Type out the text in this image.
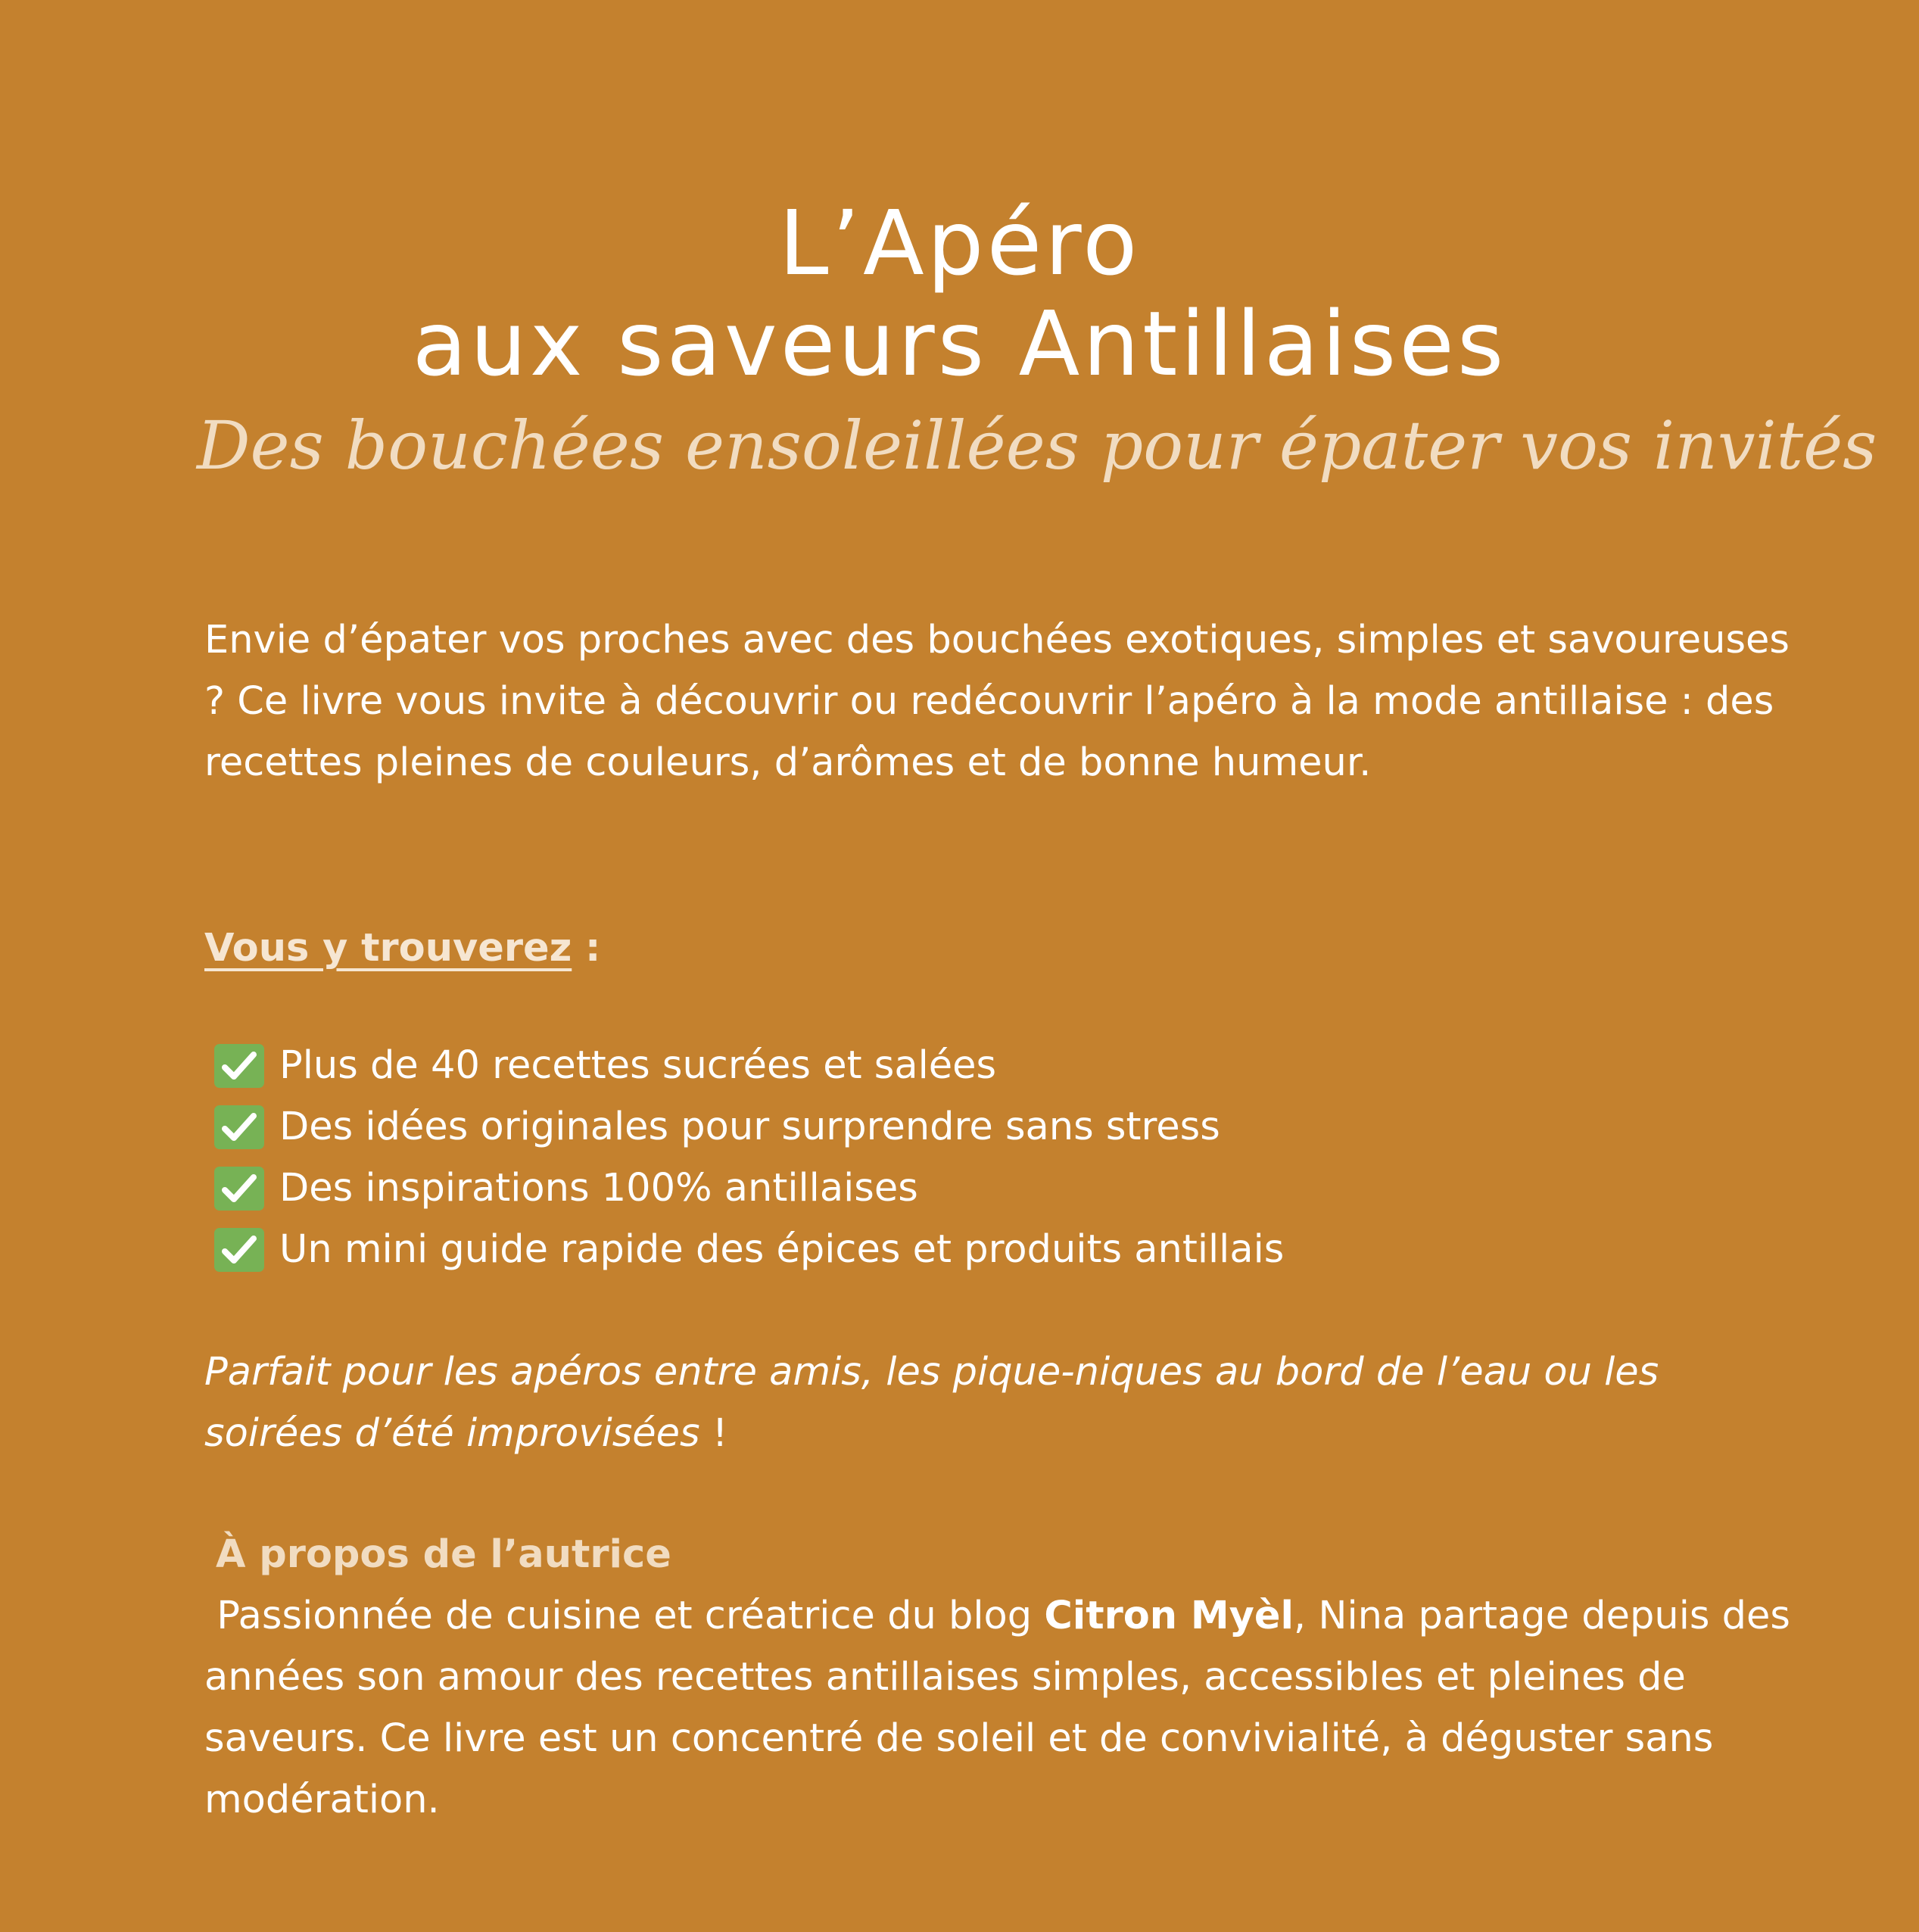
L’Apéro
aux saveurs Antillaises
Des bouchées ensoleillées pour épater vos invités

Envie d’épater vos proches avec des bouchées exotiques, simples et savoureuses ? Ce livre vous invite à découvrir ou redécouvrir l’apéro à la mode antillaise : des recettes pleines de couleurs, d’arômes et de bonne humeur.

Vous y trouverez :
Plus de 40 recettes sucrées et salées
Des idées originales pour surprendre sans stress
Des inspirations 100% antillaises
Un mini guide rapide des épices et produits antillais

Parfait pour les apéros entre amis, les pique-niques au bord de l’eau ou les soirées d’été improvisées !

À propos de l’autrice

Passionnée de cuisine et créatrice du blog Citron Myèl, Nina partage depuis des années son amour des recettes antillaises simples, accessibles et pleines de saveurs. Ce livre est un concentré de soleil et de convivialité, à déguster sans modération.
